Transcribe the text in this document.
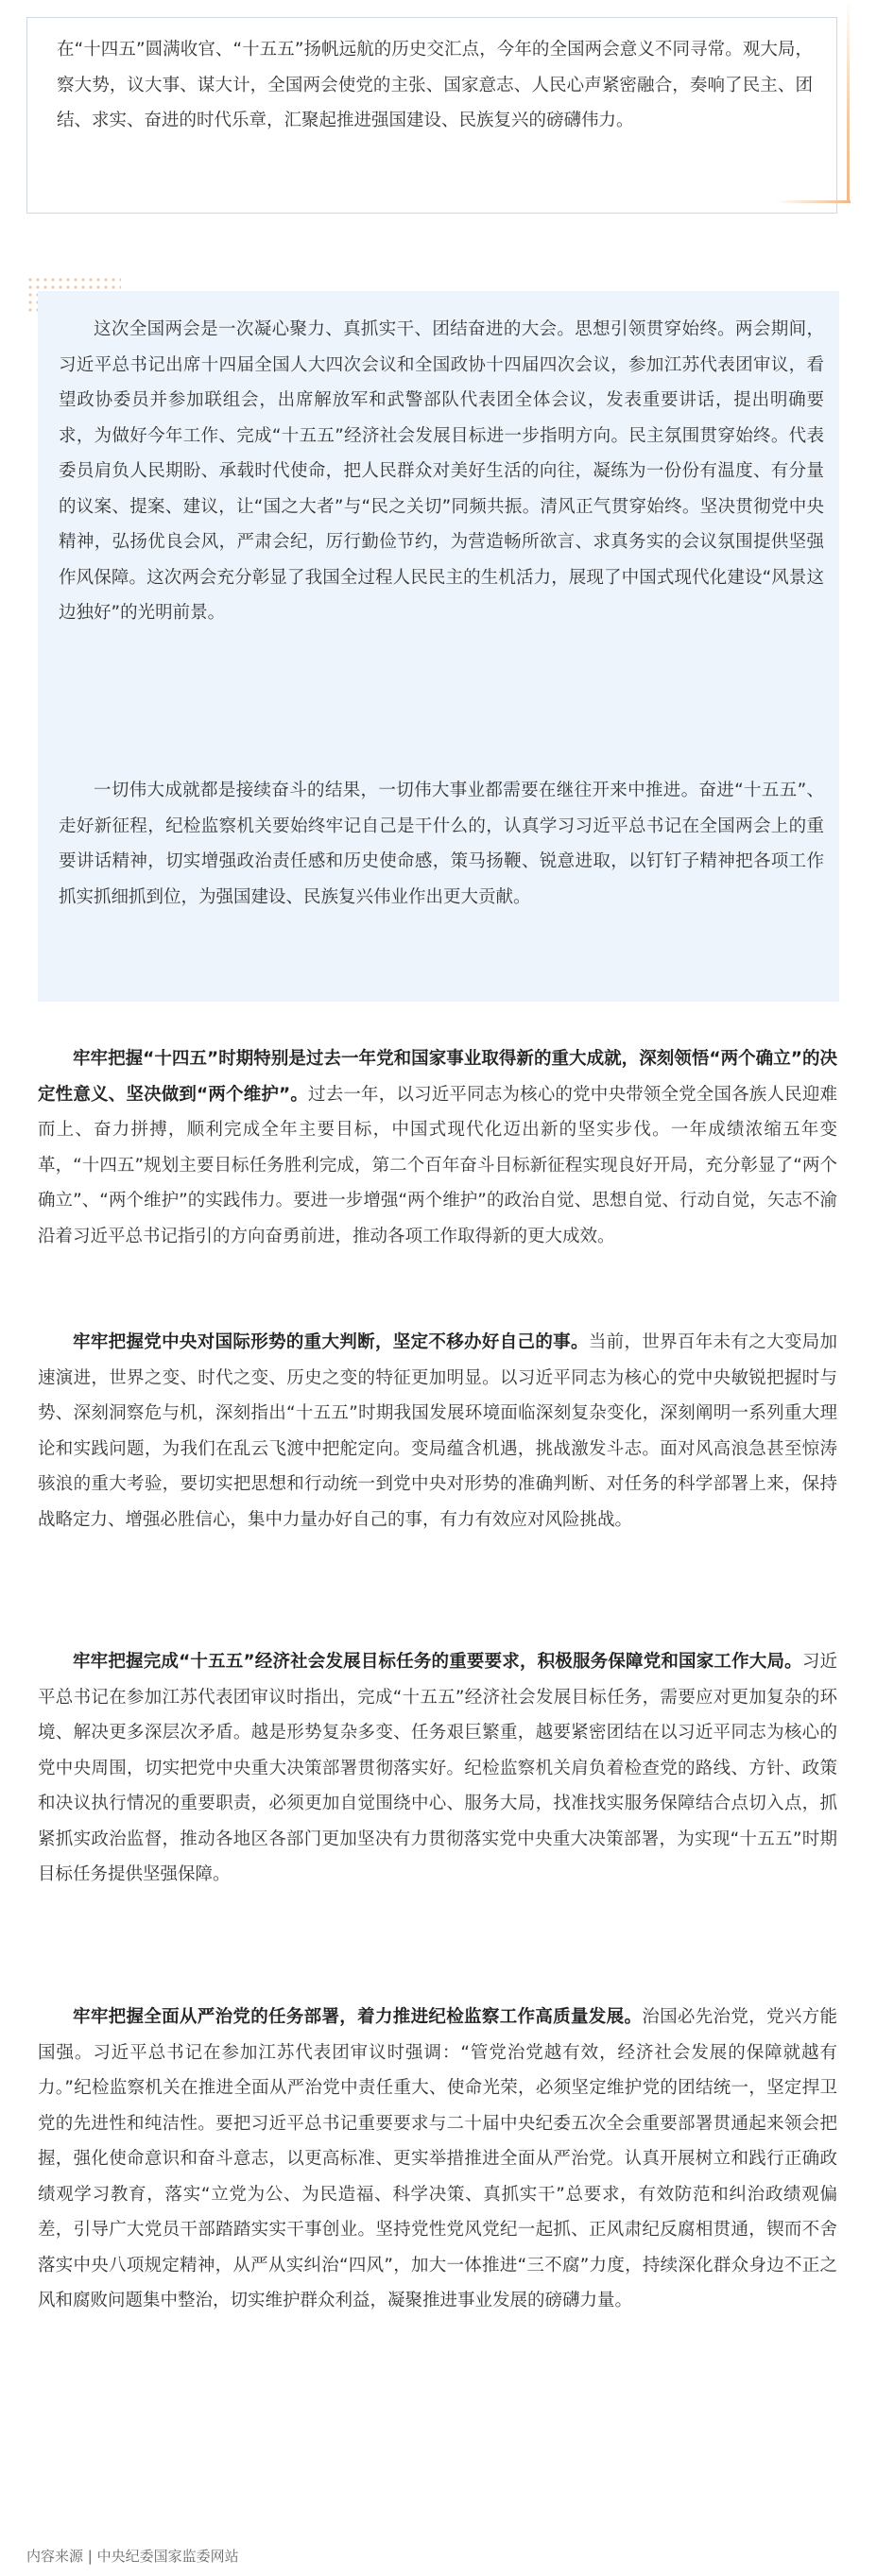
在“十四五”圆满收官、“十五五”扬帆远航的历史交汇点，今年的全国两会意义不同寻常。观大局，察大势，议大事、谋大计，全国两会使党的主张、国家意志、人民心声紧密融合，奏响了民主、团结、求实、奋进的时代乐章，汇聚起推进强国建设、民族复兴的磅礴伟力。

这次全国两会是一次凝心聚力、真抓实干、团结奋进的大会。思想引领贯穿始终。两会期间，习近平总书记出席十四届全国人大四次会议和全国政协十四届四次会议，参加江苏代表团审议，看望政协委员并参加联组会，出席解放军和武警部队代表团全体会议，发表重要讲话，提出明确要求，为做好今年工作、完成“十五五”经济社会发展目标进一步指明方向。民主氛围贯穿始终。代表委员肩负人民期盼、承载时代使命，把人民群众对美好生活的向往，凝练为一份份有温度、有分量的议案、提案、建议，让“国之大者”与“民之关切”同频共振。清风正气贯穿始终。坚决贯彻党中央精神，弘扬优良会风，严肃会纪，厉行勤俭节约，为营造畅所欲言、求真务实的会议氛围提供坚强作风保障。这次两会充分彰显了我国全过程人民民主的生机活力，展现了中国式现代化建设“风景这边独好”的光明前景。

一切伟大成就都是接续奋斗的结果，一切伟大事业都需要在继往开来中推进。奋进“十五五”、走好新征程，纪检监察机关要始终牢记自己是干什么的，认真学习习近平总书记在全国两会上的重要讲话精神，切实增强政治责任感和历史使命感，策马扬鞭、锐意进取，以钉钉子精神把各项工作抓实抓细抓到位，为强国建设、民族复兴伟业作出更大贡献。

牢牢把握“十四五”时期特别是过去一年党和国家事业取得新的重大成就，深刻领悟“两个确立”的决定性意义、坚决做到“两个维护”。过去一年，以习近平同志为核心的党中央带领全党全国各族人民迎难而上、奋力拼搏，顺利完成全年主要目标，中国式现代化迈出新的坚实步伐。一年成绩浓缩五年变革，“十四五”规划主要目标任务胜利完成，第二个百年奋斗目标新征程实现良好开局，充分彰显了“两个确立”、“两个维护”的实践伟力。要进一步增强“两个维护”的政治自觉、思想自觉、行动自觉，矢志不渝沿着习近平总书记指引的方向奋勇前进，推动各项工作取得新的更大成效。

牢牢把握党中央对国际形势的重大判断，坚定不移办好自己的事。当前，世界百年未有之大变局加速演进，世界之变、时代之变、历史之变的特征更加明显。以习近平同志为核心的党中央敏锐把握时与势、深刻洞察危与机，深刻指出“十五五”时期我国发展环境面临深刻复杂变化，深刻阐明一系列重大理论和实践问题，为我们在乱云飞渡中把舵定向。变局蕴含机遇，挑战激发斗志。面对风高浪急甚至惊涛骇浪的重大考验，要切实把思想和行动统一到党中央对形势的准确判断、对任务的科学部署上来，保持战略定力、增强必胜信心，集中力量办好自己的事，有力有效应对风险挑战。

牢牢把握完成“十五五”经济社会发展目标任务的重要要求，积极服务保障党和国家工作大局。习近平总书记在参加江苏代表团审议时指出，完成“十五五”经济社会发展目标任务，需要应对更加复杂的环境、解决更多深层次矛盾。越是形势复杂多变、任务艰巨繁重，越要紧密团结在以习近平同志为核心的党中央周围，切实把党中央重大决策部署贯彻落实好。纪检监察机关肩负着检查党的路线、方针、政策和决议执行情况的重要职责，必须更加自觉围绕中心、服务大局，找准找实服务保障结合点切入点，抓紧抓实政治监督，推动各地区各部门更加坚决有力贯彻落实党中央重大决策部署，为实现“十五五”时期目标任务提供坚强保障。

牢牢把握全面从严治党的任务部署，着力推进纪检监察工作高质量发展。治国必先治党，党兴方能国强。习近平总书记在参加江苏代表团审议时强调：“管党治党越有效，经济社会发展的保障就越有力。”纪检监察机关在推进全面从严治党中责任重大、使命光荣，必须坚定维护党的团结统一，坚定捍卫党的先进性和纯洁性。要把习近平总书记重要要求与二十届中央纪委五次全会重要部署贯通起来领会把握，强化使命意识和奋斗意志，以更高标准、更实举措推进全面从严治党。认真开展树立和践行正确政绩观学习教育，落实“立党为公、为民造福、科学决策、真抓实干”总要求，有效防范和纠治政绩观偏差，引导广大党员干部踏踏实实干事创业。坚持党性党风党纪一起抓、正风肃纪反腐相贯通，锲而不舍落实中央八项规定精神，从严从实纠治“四风”，加大一体推进“三不腐”力度，持续深化群众身边不正之风和腐败问题集中整治，切实维护群众利益，凝聚推进事业发展的磅礴力量。

内容来源 | 中央纪委国家监委网站
